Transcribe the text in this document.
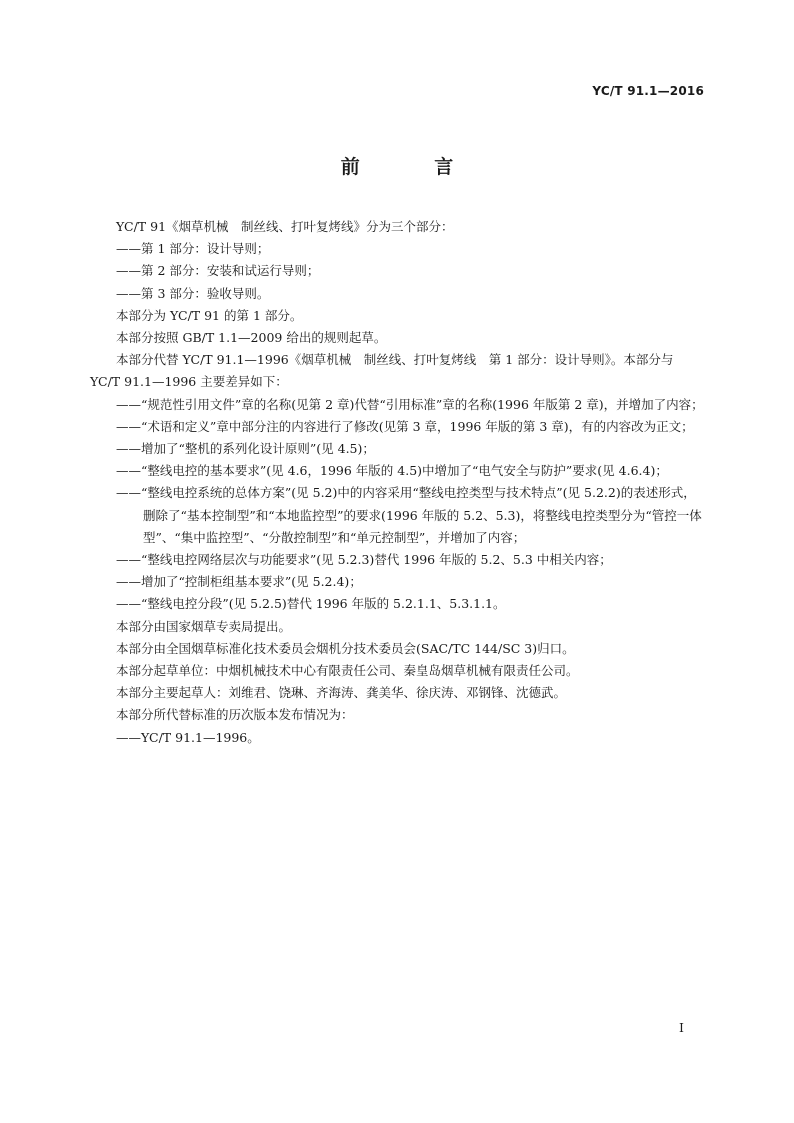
YC/T 91.1—2016
前 言

YC/T 91《烟草机械　制丝线、打叶复烤线》分为三个部分：

——第 1 部分：设计导则；

——第 2 部分：安装和试运行导则；

——第 3 部分：验收导则。

本部分为 YC/T 91 的第 1 部分。

本部分按照 GB/T 1.1—2009 给出的规则起草。

本部分代替 YC/T 91.1—1996《烟草机械　制丝线、打叶复烤线　第 1 部分：设计导则》。本部分与 YC/T 91.1—1996 主要差异如下：

——“规范性引用文件”章的名称(见第 2 章)代替“引用标准”章的名称(1996 年版第 2 章)，并增加了内容；

——“术语和定义”章中部分注的内容进行了修改(见第 3 章，1996 年版的第 3 章)，有的内容改为正文；

——增加了“整机的系列化设计原则”(见 4.5)；

——“整线电控的基本要求”(见 4.6，1996 年版的 4.5)中增加了“电气安全与防护”要求(见 4.6.4)；

——“整线电控系统的总体方案”(见 5.2)中的内容采用“整线电控类型与技术特点”(见 5.2.2)的表述形式，删除了“基本控制型”和“本地监控型”的要求(1996 年版的 5.2、5.3)，将整线电控类型分为“管控一体型”、“集中监控型”、“分散控制型”和“单元控制型”，并增加了内容；

——“整线电控网络层次与功能要求”(见 5.2.3)替代 1996 年版的 5.2、5.3 中相关内容；

——增加了“控制柜组基本要求”(见 5.2.4)；

——“整线电控分段”(见 5.2.5)替代 1996 年版的 5.2.1.1、5.3.1.1。

本部分由国家烟草专卖局提出。

本部分由全国烟草标准化技术委员会烟机分技术委员会(SAC/TC 144/SC 3)归口。

本部分起草单位：中烟机械技术中心有限责任公司、秦皇岛烟草机械有限责任公司。

本部分主要起草人：刘维君、饶琳、齐海涛、龚美华、徐庆涛、邓钢锋、沈德武。

本部分所代替标准的历次版本发布情况为：

——YC/T 91.1—1996。

I
